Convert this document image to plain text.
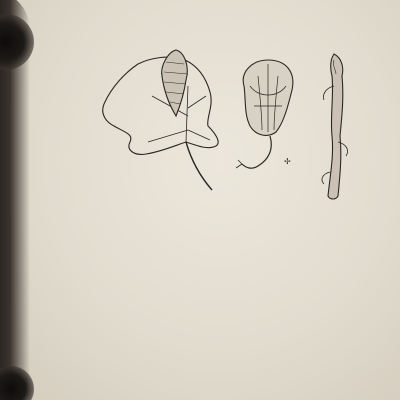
✢
